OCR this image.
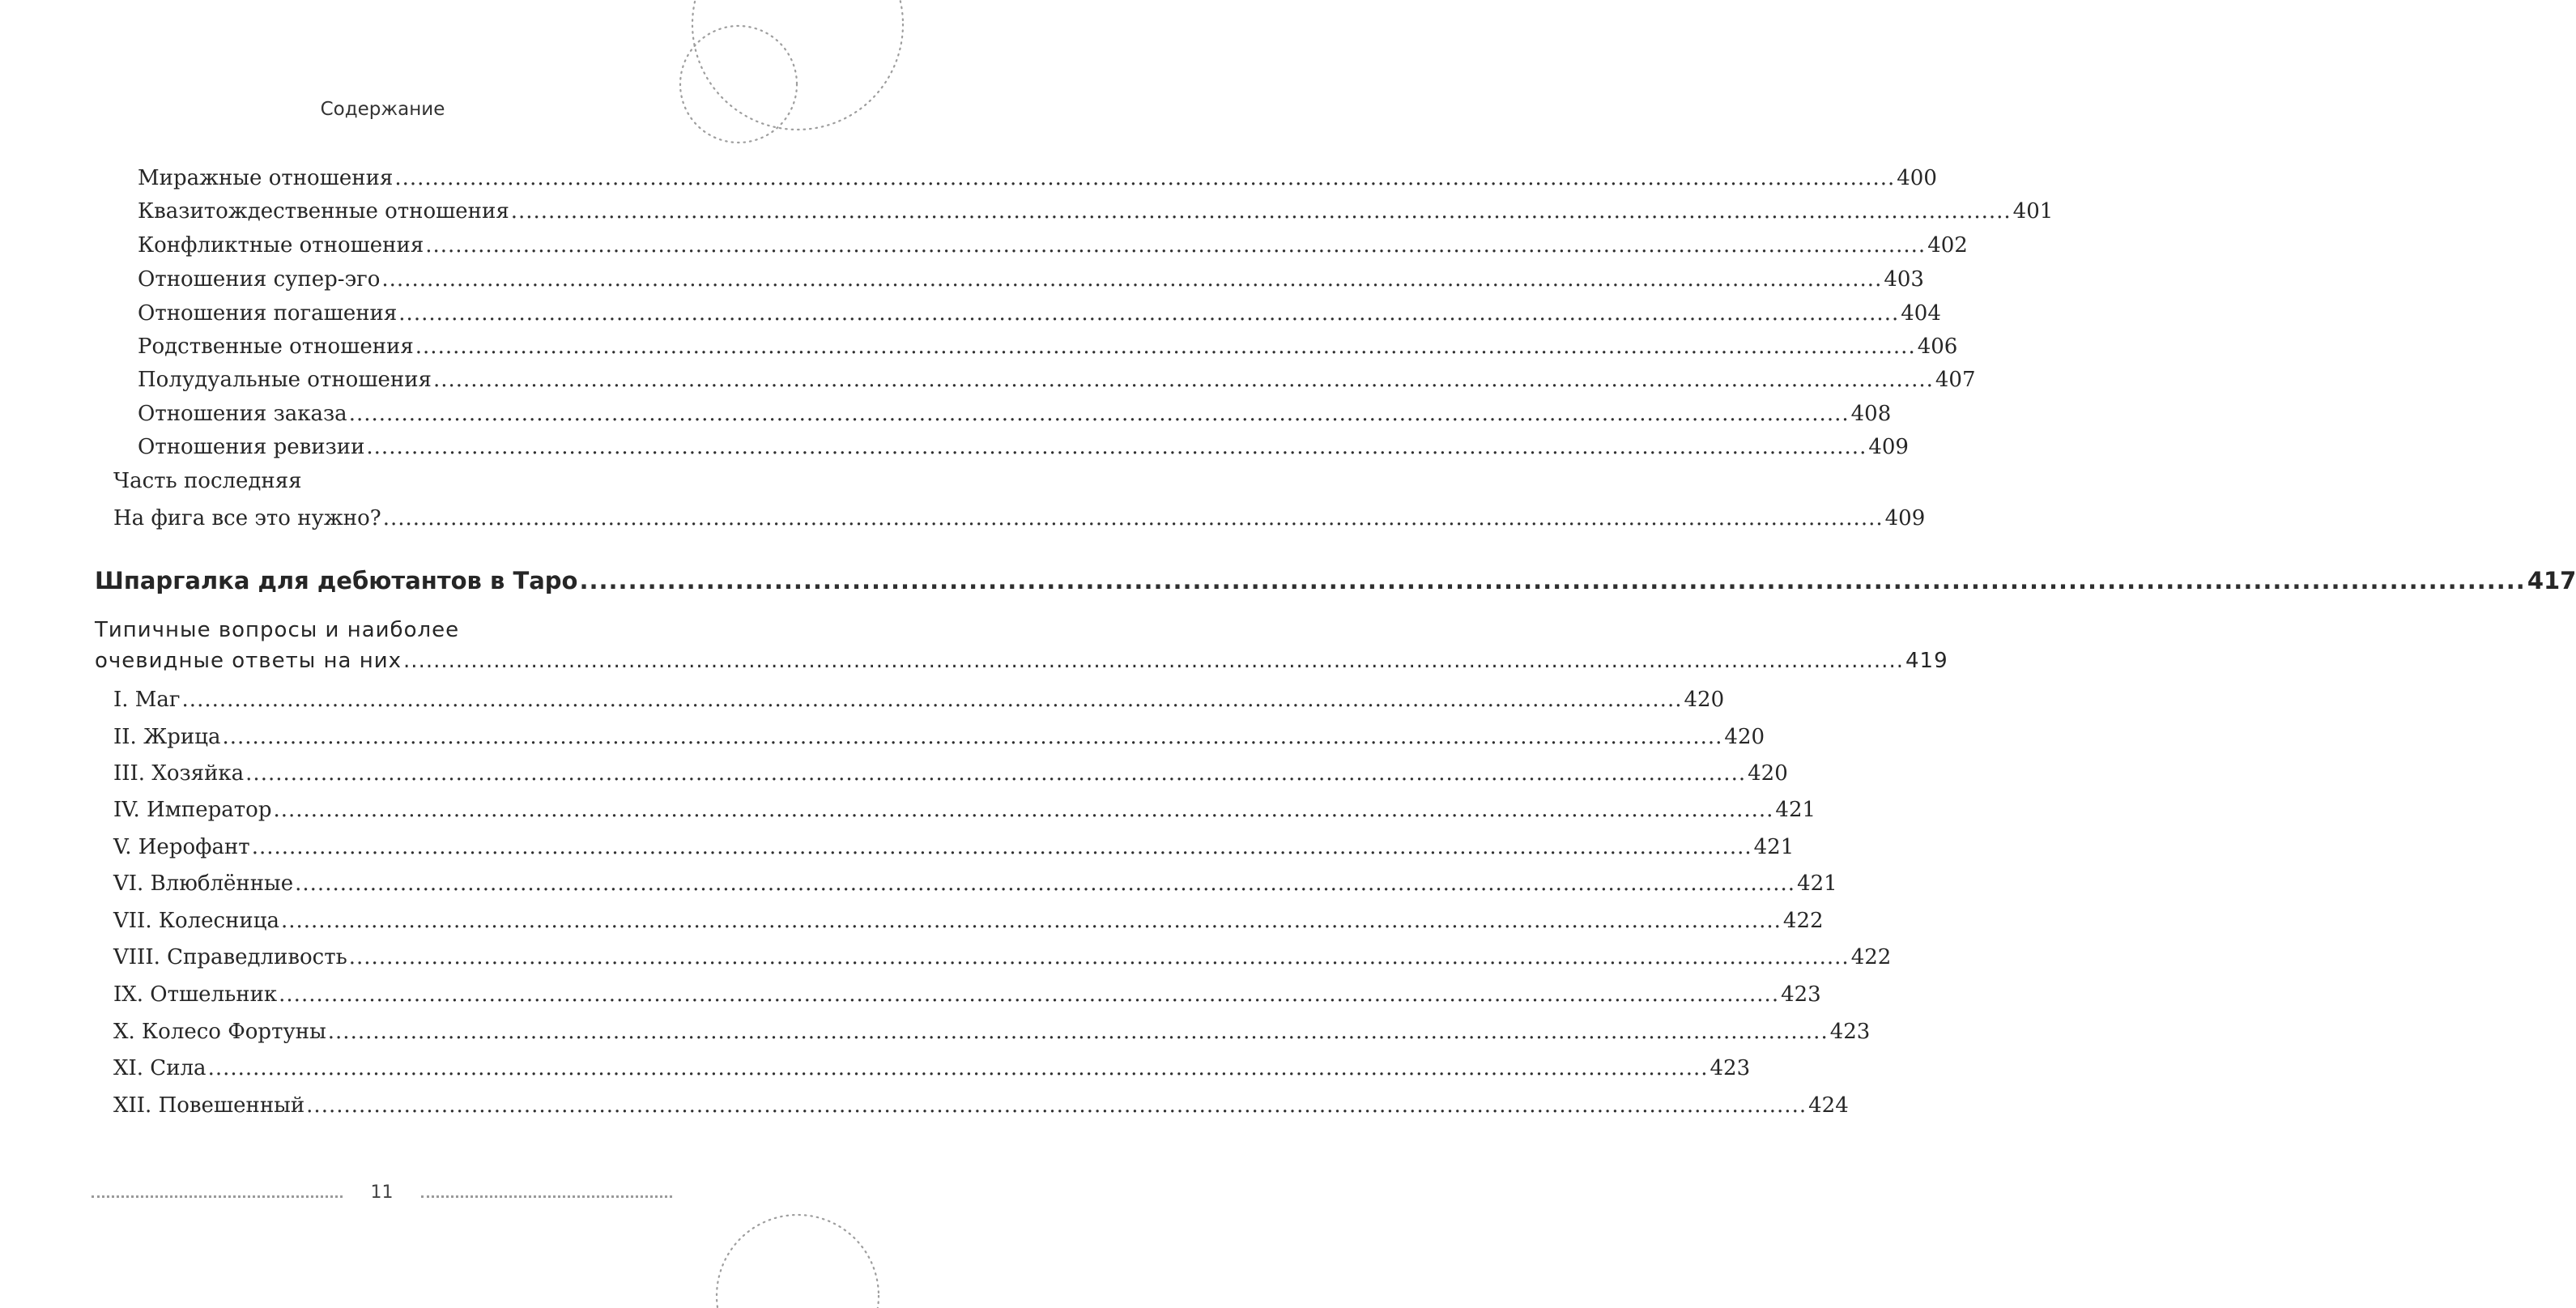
Содержание
Миражные отношения ........................................................................................................................................................................................................ 400
Квазитождественные отношения ........................................................................................................................................................................................................ 401
Конфликтные отношения ........................................................................................................................................................................................................ 402
Отношения супер-эго ........................................................................................................................................................................................................ 403
Отношения погашения ........................................................................................................................................................................................................ 404
Родственные отношения ........................................................................................................................................................................................................ 406
Полудуальные отношения ........................................................................................................................................................................................................ 407
Отношения заказа ........................................................................................................................................................................................................ 408
Отношения ревизии ........................................................................................................................................................................................................ 409
Часть последняя
На фига все это нужно? ........................................................................................................................................................................................................ 409
Шпаргалка для дебютантов в Таро ........................................................................................................................................................................................................ 417
Типичные вопросы и наиболее
очевидные ответы на них ........................................................................................................................................................................................................ 419
I. Маг ........................................................................................................................................................................................................ 420
II. Жрица ........................................................................................................................................................................................................ 420
III. Хозяйка ........................................................................................................................................................................................................ 420
IV. Император ........................................................................................................................................................................................................ 421
V. Иерофант ........................................................................................................................................................................................................ 421
VI. Влюблённые ........................................................................................................................................................................................................ 421
VII. Колесница ........................................................................................................................................................................................................ 422
VIII. Справедливость ........................................................................................................................................................................................................ 422
IX. Отшельник ........................................................................................................................................................................................................ 423
X. Колесо Фортуны ........................................................................................................................................................................................................ 423
XI. Сила ........................................................................................................................................................................................................ 423
XII. Повешенный ........................................................................................................................................................................................................ 424
11
